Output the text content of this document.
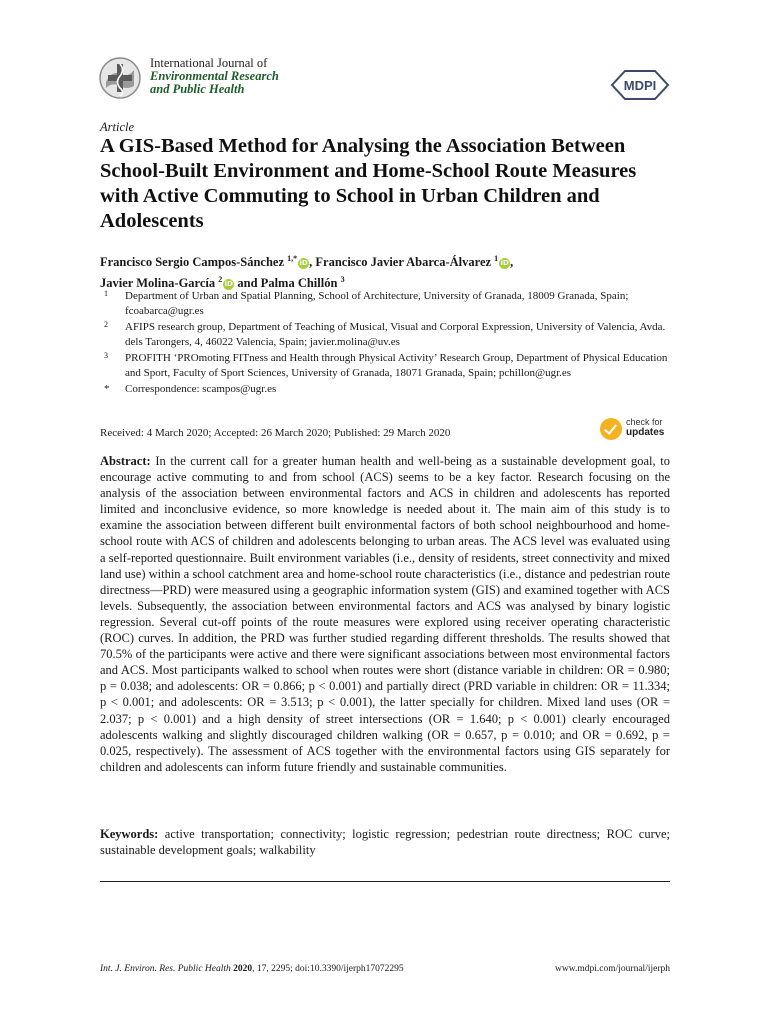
International Journal of
Environmental Research
and Public Health	MDPI
Article
A GIS-Based Method for Analysing the Association Between School-Built Environment and Home-School Route Measures with Active Commuting to School in Urban Children and Adolescents
Francisco Sergio Campos-Sánchez $^{1,*}$iD, Francisco Javier Abarca-Álvarez $^1$iD,
Javier Molina-García $^2$iD and Palma Chillón $^3$
1 Department of Urban and Spatial Planning, School of Architecture, University of Granada, 18009 Granada, Spain; fcoabarca@ugr.es
2 AFIPS research group, Department of Teaching of Musical, Visual and Corporal Expression, University of Valencia, Avda. dels Tarongers, 4, 46022 Valencia, Spain; javier.molina@uv.es
3 PROFITH ‘PROmoting FITness and Health through Physical Activity’ Research Group, Department of Physical Education and Sport, Faculty of Sport Sciences, University of Granada, 18071 Granada, Spain; pchillon@ugr.es
* Correspondence: scampos@ugr.es
check for
updates
Received: 4 March 2020; Accepted: 26 March 2020; Published: 29 March 2020

Abstract: In the current call for a greater human health and well-being as a sustainable development goal, to encourage active commuting to and from school (ACS) seems to be a key factor. Research focusing on the analysis of the association between environmental factors and ACS in children and adolescents has reported limited and inconclusive evidence, so more knowledge is needed about it. The main aim of this study is to examine the association between different built environmental factors of both school neighbourhood and home-school route with ACS of children and adolescents belonging to urban areas. The ACS level was evaluated using a self-reported questionnaire. Built environment variables (i.e., density of residents, street connectivity and mixed land use) within a school catchment area and home-school route characteristics (i.e., distance and pedestrian route directness—PRD) were measured using a geographic information system (GIS) and examined together with ACS levels. Subsequently, the association between environmental factors and ACS was analysed by binary logistic regression. Several cut-off points of the route measures were explored using receiver operating characteristic (ROC) curves. In addition, the PRD was further studied regarding different thresholds. The results showed that 70.5% of the participants were active and there were significant associations between most environmental factors and ACS. Most participants walked to school when routes were short (distance variable in children: OR = 0.980; p = 0.038; and adolescents: OR = 0.866; p < 0.001) and partially direct (PRD variable in children: OR = 11.334; p < 0.001; and adolescents: OR = 3.513; p < 0.001), the latter specially for children. Mixed land uses (OR = 2.037; p < 0.001) and a high density of street intersections (OR = 1.640; p < 0.001) clearly encouraged adolescents walking and slightly discouraged children walking (OR = 0.657, p = 0.010; and OR = 0.692, p = 0.025, respectively). The assessment of ACS together with the environmental factors using GIS separately for children and adolescents can inform future friendly and sustainable communities.

Keywords: active transportation; connectivity; logistic regression; pedestrian route directness; ROC curve; sustainable development goals; walkability

Int. J. Environ. Res. Public Health 2020, 17, 2295; doi:10.3390/ijerph17072295	www.mdpi.com/journal/ijerph
